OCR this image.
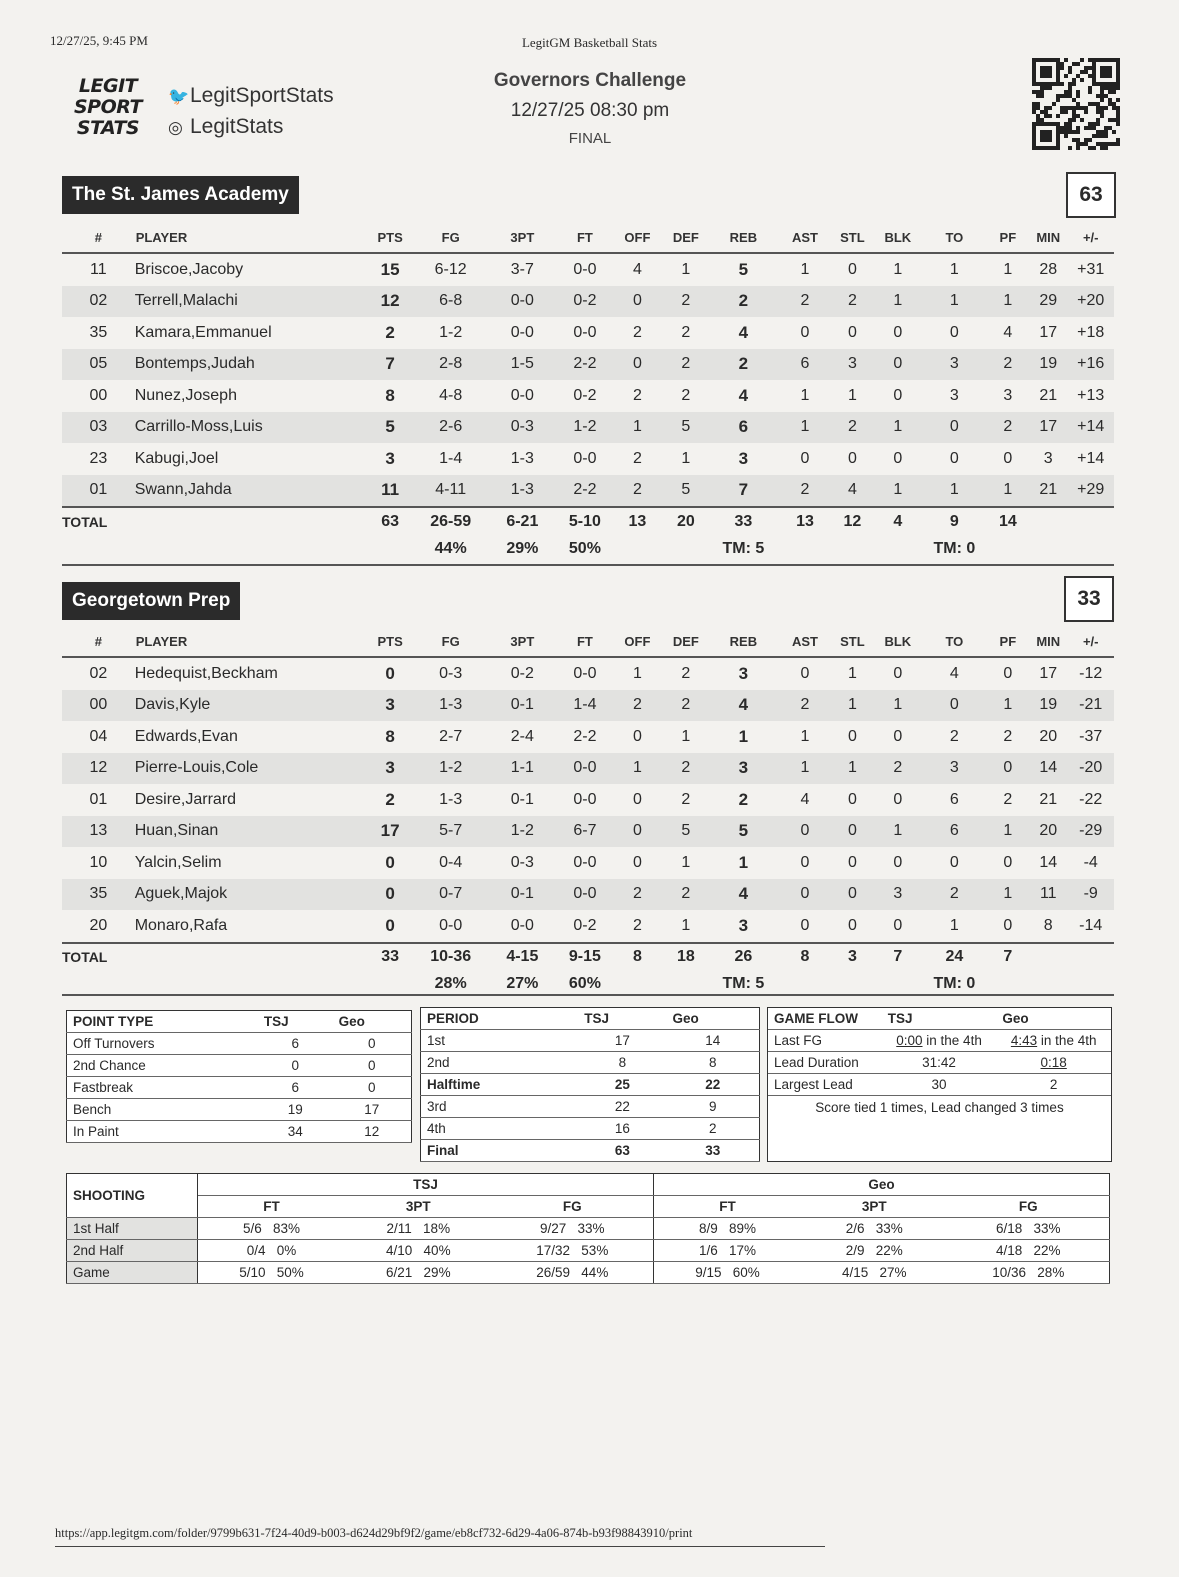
12/27/25, 9:45 PM	LegitGM Basketball Stats
LEGIT
SPORT
STATS
🐦LegitSportStats
◎ LegitStats
Governors Challenge
12/27/25 08:30 pm
FINAL
The St. James Academy	63
#	PLAYER	PTS	FG	3PT	FT	OFF	DEF	REB	AST	STL	BLK	TO	PF	MIN	+/-
11	Briscoe,Jacoby	15	6-12	3-7	0-0	4	1	5	1	0	1	1	1	28	+31
02	Terrell,Malachi	12	6-8	0-0	0-2	0	2	2	2	2	1	1	1	29	+20
35	Kamara,Emmanuel	2	1-2	0-0	0-0	2	2	4	0	0	0	0	4	17	+18
05	Bontemps,Judah	7	2-8	1-5	2-2	0	2	2	6	3	0	3	2	19	+16
00	Nunez,Joseph	8	4-8	0-0	0-2	2	2	4	1	1	0	3	3	21	+13
03	Carrillo-Moss,Luis	5	2-6	0-3	1-2	1	5	6	1	2	1	0	2	17	+14
23	Kabugi,Joel	3	1-4	1-3	0-0	2	1	3	0	0	0	0	0	3	+14
01	Swann,Jahda	11	4-11	1-3	2-2	2	5	7	2	4	1	1	1	21	+29
TOTAL		63	26-59	6-21	5-10	13	20	33	13	12	4	9	14		
			44%	29%	50%			TM: 5				TM: 0			
Georgetown Prep	33
#	PLAYER	PTS	FG	3PT	FT	OFF	DEF	REB	AST	STL	BLK	TO	PF	MIN	+/-
02	Hedequist,Beckham	0	0-3	0-2	0-0	1	2	3	0	1	0	4	0	17	-12
00	Davis,Kyle	3	1-3	0-1	1-4	2	2	4	2	1	1	0	1	19	-21
04	Edwards,Evan	8	2-7	2-4	2-2	0	1	1	1	0	0	2	2	20	-37
12	Pierre-Louis,Cole	3	1-2	1-1	0-0	1	2	3	1	1	2	3	0	14	-20
01	Desire,Jarrard	2	1-3	0-1	0-0	0	2	2	4	0	0	6	2	21	-22
13	Huan,Sinan	17	5-7	1-2	6-7	0	5	5	0	0	1	6	1	20	-29
10	Yalcin,Selim	0	0-4	0-3	0-0	0	1	1	0	0	0	0	0	14	-4
35	Aguek,Majok	0	0-7	0-1	0-0	2	2	4	0	0	3	2	1	11	-9
20	Monaro,Rafa	0	0-0	0-0	0-2	2	1	3	0	0	0	1	0	8	-14
TOTAL		33	10-36	4-15	9-15	8	18	26	8	3	7	24	7		
			28%	27%	60%			TM: 5				TM: 0			
POINT TYPE	TSJ	Geo
Off Turnovers	6	0
2nd Chance	0	0
Fastbreak	6	0
Bench	19	17
In Paint	34	12
PERIOD	TSJ	Geo
1st	17	14
2nd	8	8
Halftime	25	22
3rd	22	9
4th	16	2
Final	63	33
GAME FLOW	TSJ	Geo
Last FG	0:00 in the 4th	4:43 in the 4th
Lead Duration	31:42	0:18
Largest Lead	30	2
Score tied 1 times, Lead changed 3 times
SHOOTING	TSJ			Geo		
	FT	3PT	FG	FT	3PT	FG
1st Half	5/6 83%	2/11 18%	9/27 33%	8/9 89%	2/6 33%	6/18 33%
2nd Half	0/4 0%	4/10 40%	17/32 53%	1/6 17%	2/9 22%	4/18 22%
Game	5/10 50%	6/21 29%	26/59 44%	9/15 60%	4/15 27%	10/36 28%
https://app.legitgm.com/folder/9799b631-7f24-40d9-b003-d624d29bf9f2/game/eb8cf732-6d29-4a06-874b-b93f98843910/print
